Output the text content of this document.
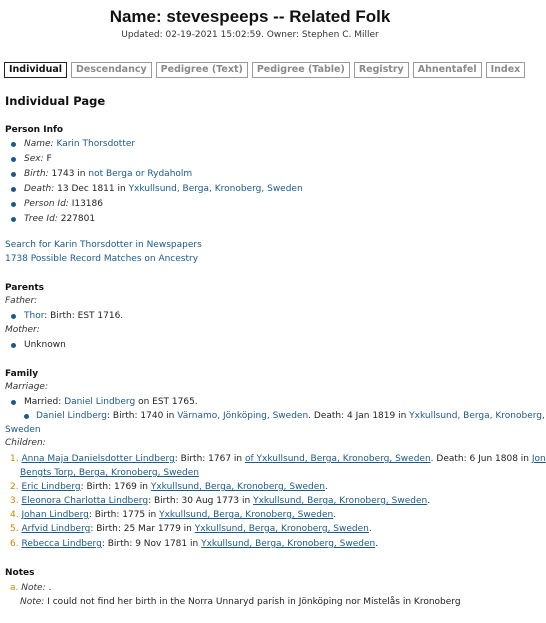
Name: stevespeeps -- Related Folk
Updated: 02-19-2021 15:02:59. Owner: Stephen C. Miller
Individual Descendancy Pedigree (Text) Pedigree (Table) Registry Ahnentafel Index
Individual Page
Person Info
Name: Karin Thorsdotter
Sex: F
Birth: 1743 in not Berga or Rydaholm
Death: 13 Dec 1811 in Yxkullsund, Berga, Kronoberg, Sweden
Person Id: I13186
Tree Id: 227801
Search for Karin Thorsdotter in Newspapers
1738 Possible Record Matches on Ancestry
Parents
Father:
Thor: Birth: EST 1716.
Mother:
Unknown
Family
Marriage:
Married: Daniel Lindberg on EST 1765.
Daniel Lindberg: Birth: 1740 in Värnamo, Jönköping, Sweden. Death: 4 Jan 1819 in Yxkullsund, Berga, Kronoberg,
Sweden
Children:
1. Anna Maja Danielsdotter Lindberg: Birth: 1767 in of Yxkullsund, Berga, Kronoberg, Sweden. Death: 6 Jun 1808 in Jon
Bengts Torp, Berga, Kronoberg, Sweden
2. Eric Lindberg: Birth: 1769 in Yxkullsund, Berga, Kronoberg, Sweden.
3. Eleonora Charlotta Lindberg: Birth: 30 Aug 1773 in Yxkullsund, Berga, Kronoberg, Sweden.
4. Johan Lindberg: Birth: 1775 in Yxkullsund, Berga, Kronoberg, Sweden.
5. Arfvid Lindberg: Birth: 25 Mar 1779 in Yxkullsund, Berga, Kronoberg, Sweden.
6. Rebecca Lindberg: Birth: 9 Nov 1781 in Yxkullsund, Berga, Kronoberg, Sweden.
Notes
a. Note: .
Note: I could not find her birth in the Norra Unnaryd parish in Jönköping nor Mistelås in Kronoberg
